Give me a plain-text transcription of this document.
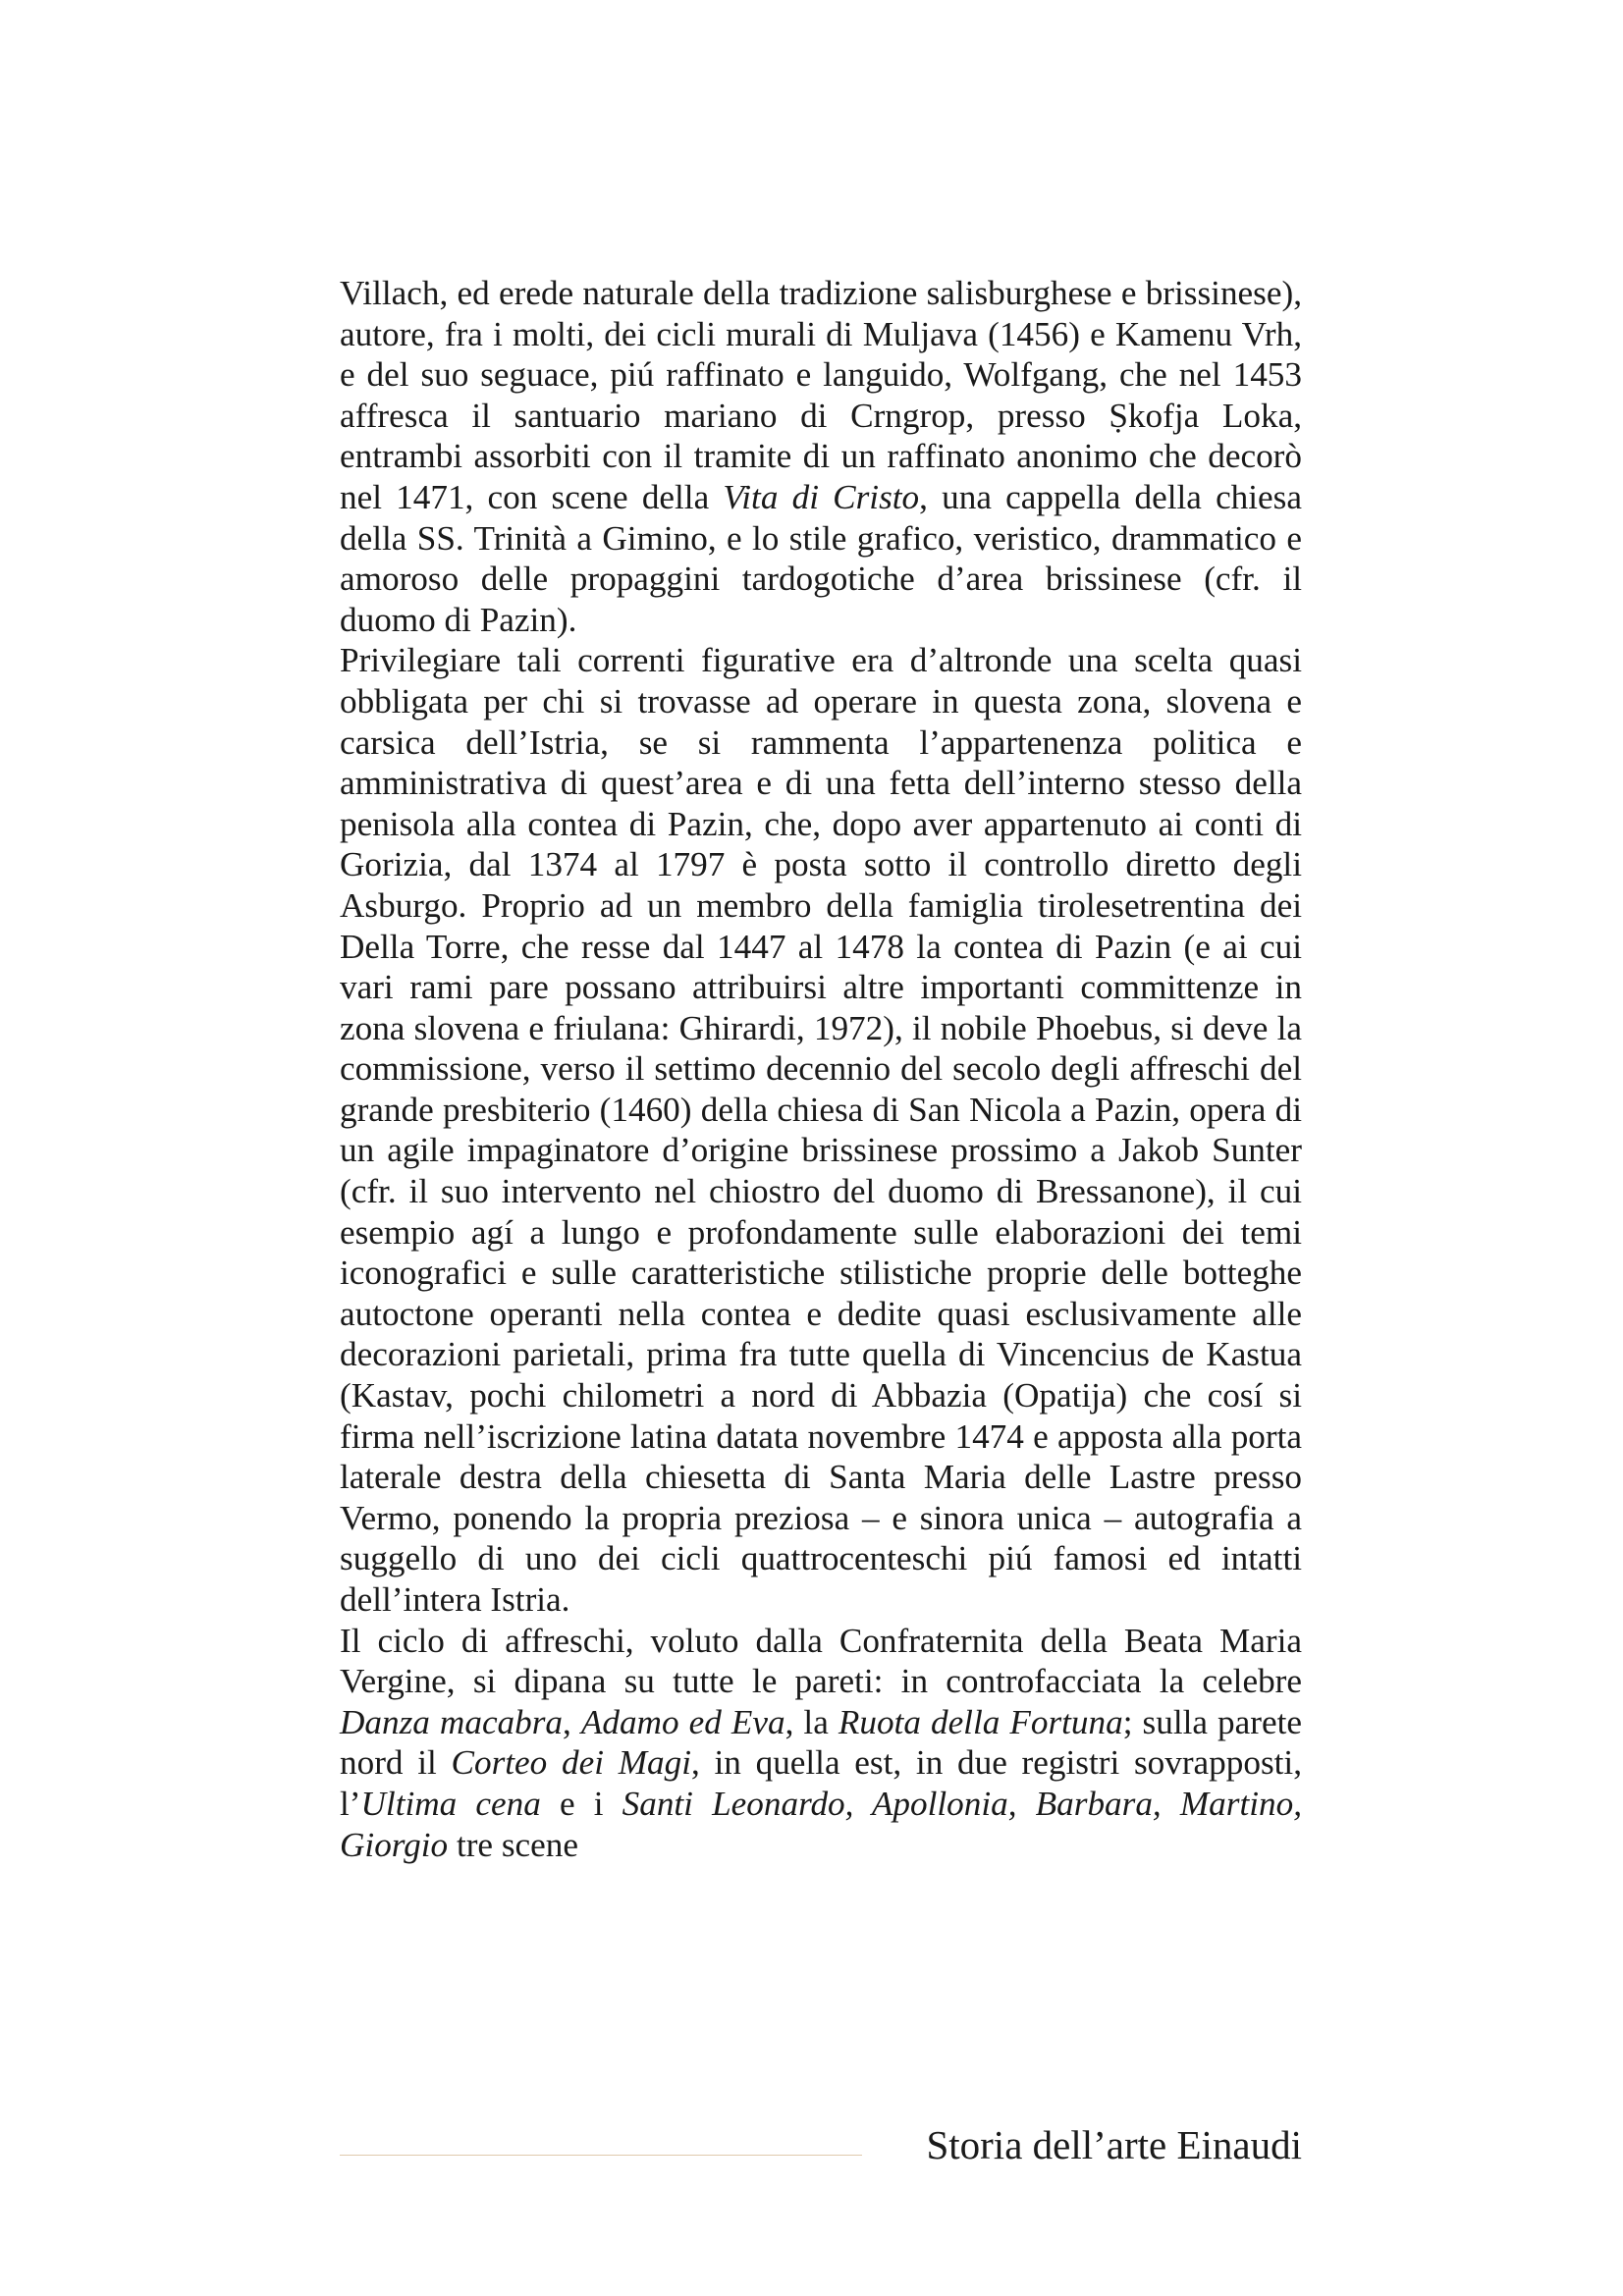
Villach, ed erede naturale della tradizione salisburghese e brissinese), autore, fra i molti, dei cicli murali di Muljava (1456) e Kamenu Vrh, e del suo seguace, piú raffinato e languido, Wolfgang, che nel 1453 affresca il santuario mariano di Crngrop, presso Ṣkofja Loka, entrambi assorbiti con il tramite di un raffinato anonimo che decorò nel 1471, con scene della Vita di Cristo, una cappella della chiesa della SS. Trinità a Gimino, e lo stile grafico, veristico, drammatico e amoroso delle propaggini tardogotiche d’area brissinese (cfr. il duomo di Pazin).

Privilegiare tali correnti figurative era d’altronde una scelta quasi obbligata per chi si trovasse ad operare in questa zona, slovena e carsica dell’Istria, se si rammenta l’appartenenza politica e amministrativa di quest’area e di una fetta dell’interno stesso della penisola alla contea di Pazin, che, dopo aver appartenuto ai conti di Gorizia, dal 1374 al 1797 è posta sotto il controllo diretto degli Asburgo. Proprio ad un membro della famiglia tirolesetrentina dei Della Torre, che resse dal 1447 al 1478 la contea di Pazin (e ai cui vari rami pare possano attribuirsi altre importanti committenze in zona slovena e friulana: Ghirardi, 1972), il nobile Phoebus, si deve la commissione, verso il settimo decennio del secolo degli affreschi del grande presbiterio (1460) della chiesa di San Nicola a Pazin, opera di un agile impaginatore d’origine brissinese prossimo a Jakob Sunter (cfr. il suo intervento nel chiostro del duomo di Bressanone), il cui esempio agí a lungo e profondamente sulle elaborazioni dei temi iconografici e sulle caratteristiche stilistiche proprie delle botteghe autoctone operanti nella contea e dedite quasi esclusivamente alle decorazioni parietali, prima fra tutte quella di Vincencius de Kastua (Kastav, pochi chilometri a nord di Abbazia (Opatija) che cosí si firma nell’iscrizione latina datata novembre 1474 e apposta alla porta laterale destra della chiesetta di Santa Maria delle Lastre presso Vermo, ponendo la propria preziosa – e sinora unica – autografia a suggello di uno dei cicli quattrocenteschi piú famosi ed intatti dell’intera Istria.

Il ciclo di affreschi, voluto dalla Confraternita della Beata Maria Vergine, si dipana su tutte le pareti: in controfacciata la celebre Danza macabra, Adamo ed Eva, la Ruota della Fortuna; sulla parete nord il Corteo dei Magi, in quella est, in due registri sovrapposti, l’Ultima cena e i Santi Leonardo, Apollonia, Barbara, Martino, Giorgio tre scene

Storia dell’arte Einaudi
